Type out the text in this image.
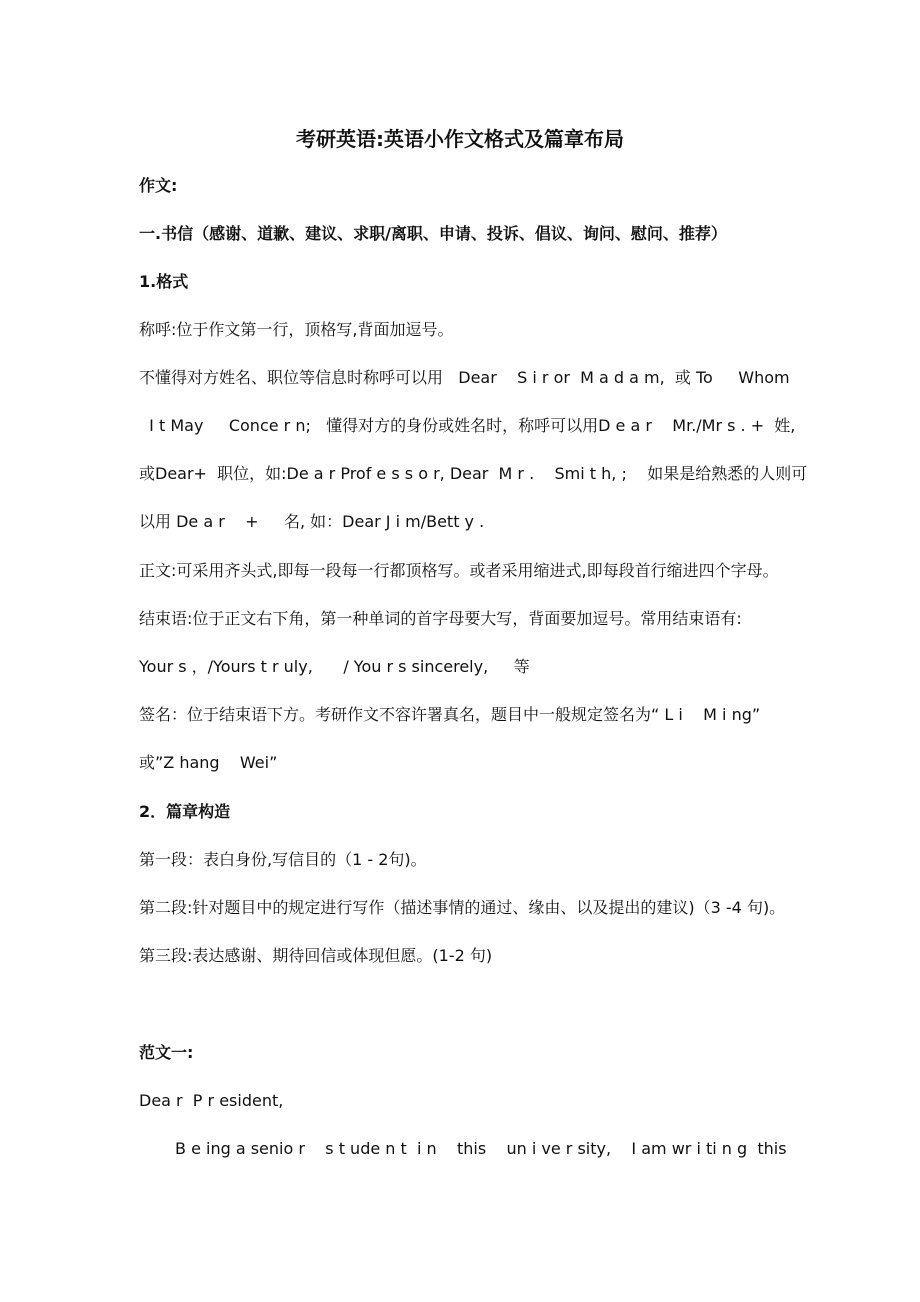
考研英语:英语小作文格式及篇章布局
作文:
一.书信（感谢、道歉、建议、求职/离职、申请、投诉、倡议、询问、慰问、推荐）
1.格式
称呼:位于作文第一行，顶格写,背面加逗号。
不懂得对方姓名、职位等信息时称呼可以用   Dear    S i r or  M a d a m,  或 To     Whom
I t May     Conce r n;   懂得对方的身份或姓名时，称呼可以用D e a r    Mr./Mr s . +  姓,
或Dear+  职位，如:De a r Prof e s s o r, Dear  M r .    Smi t h, ;    如果是给熟悉的人则可
以用 De a r    +     名, 如：Dear J i m/Bett y .
正文:可采用齐头式,即每一段每一行都顶格写。或者采用缩进式,即每段首行缩进四个字母。
结束语:位于正文右下角，第一种单词的首字母要大写，背面要加逗号。常用结束语有:
Your s ，/Yours t r uly,      / You r s sincerely,     等
签名：位于结束语下方。考研作文不容许署真名，题目中一般规定签名为“ L i    M i ng”
或”Z hang    Wei”
2．篇章构造
第一段：表白身份,写信目的（1 - 2句)。
第二段:针对题目中的规定进行写作（描述事情的通过、缘由、以及提出的建议)（3 -4 句)。
第三段:表达感谢、期待回信或体现但愿。(1-2 句)
范文一:
Dea r  P r esident,
B e ing a senio r    s t ude n t  i n    this    un i ve r sity,    I am wr i ti n g  this
